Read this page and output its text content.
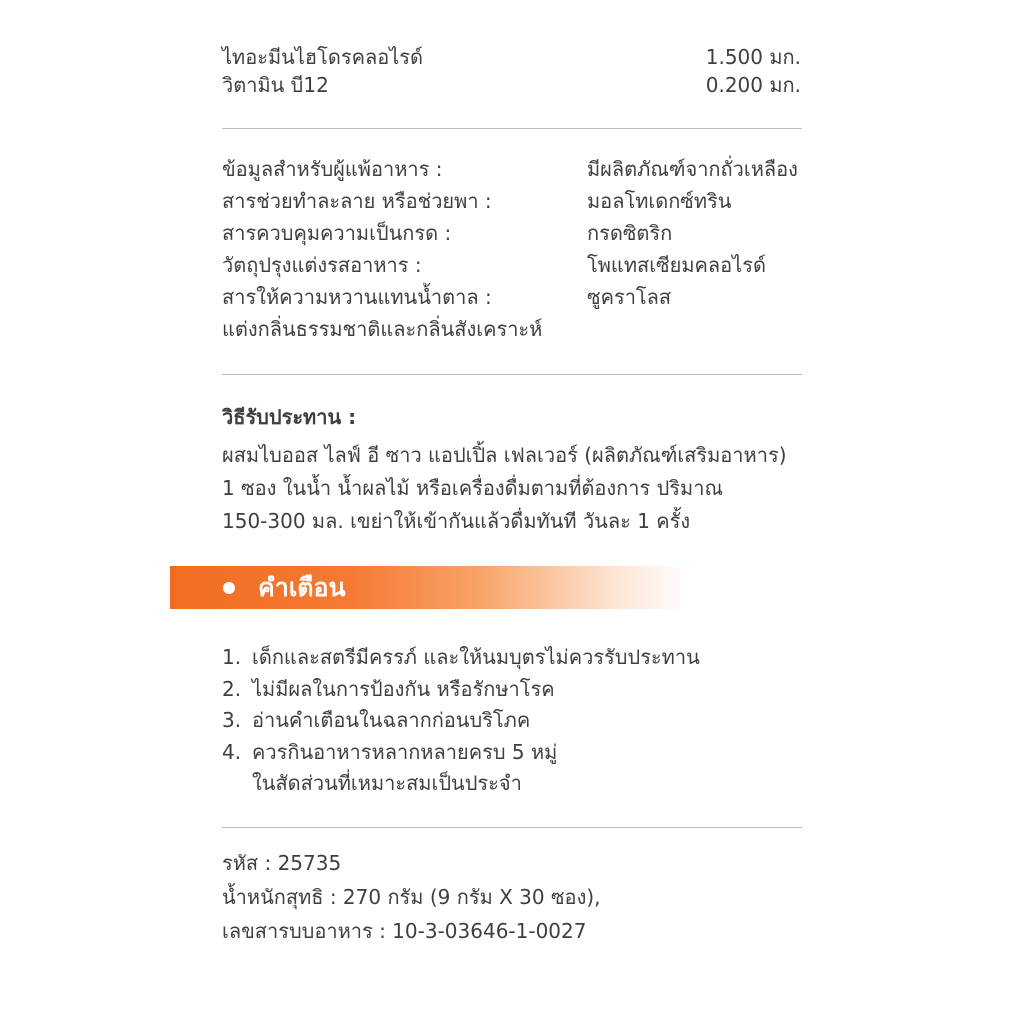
ไทอะมีนไฮโดรคลอไรด์	1.500 มก.
วิตามิน บี12	0.200 มก.
ข้อมูลสำหรับผู้แพ้อาหาร :	มีผลิตภัณฑ์จากถั่วเหลือง
สารช่วยทำละลาย หรือช่วยพา :	มอลโทเดกซ์ทริน
สารควบคุมความเป็นกรด :	กรดซิตริก
วัตถุปรุงแต่งรสอาหาร :	โพแทสเซียมคลอไรด์
สารให้ความหวานแทนน้ำตาล :	ซูคราโลส
แต่งกลิ่นธรรมชาติและกลิ่นสังเคราะห์
วิธีรับประทาน :
ผสมไบออส ไลฟ์ อี ซาว แอปเปิ้ล เฟลเวอร์ (ผลิตภัณฑ์เสริมอาหาร)
1 ซอง ในน้ำ น้ำผลไม้ หรือเครื่องดื่มตามที่ต้องการ ปริมาณ
150-300 มล. เขย่าให้เข้ากันแล้วดื่มทันที วันละ 1 ครั้ง
คำเตือน
1. เด็กและสตรีมีครรภ์ และให้นมบุตรไม่ควรรับประทาน
2. ไม่มีผลในการป้องกัน หรือรักษาโรค
3. อ่านคำเตือนในฉลากก่อนบริโภค
4. ควรกินอาหารหลากหลายครบ 5 หมู่
ในสัดส่วนที่เหมาะสมเป็นประจำ
รหัส : 25735
น้ำหนักสุทธิ : 270 กรัม (9 กรัม X 30 ซอง),
เลขสารบบอาหาร : 10-3-03646-1-0027
